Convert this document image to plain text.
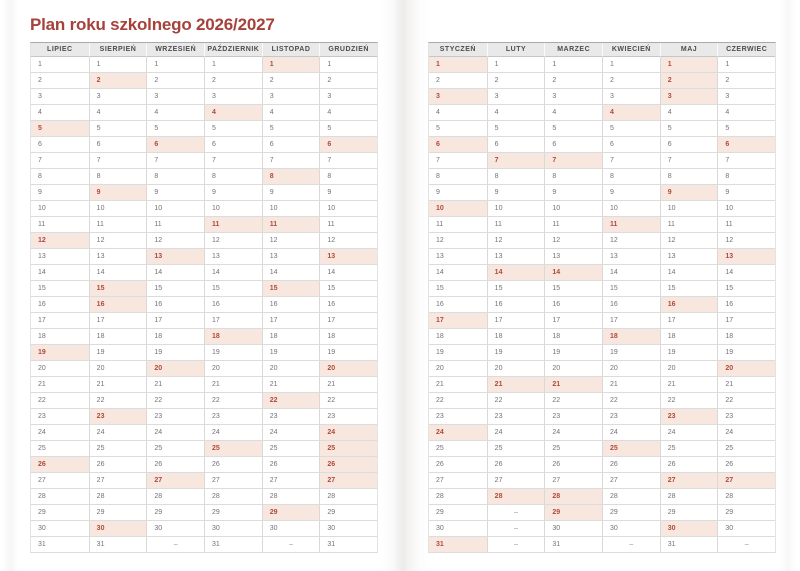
Plan roku szkolnego 2026/2027
LIPIEC
1
2
3
4
5
6
7
8
9
10
11
12
13
14
15
16
17
18
19
20
21
22
23
24
25
26
27
28
29
30
31
SIERPIEŃ
1
2
3
4
5
6
7
8
9
10
11
12
13
14
15
16
17
18
19
20
21
22
23
24
25
26
27
28
29
30
31
WRZESIEŃ
1
2
3
4
5
6
7
8
9
10
11
12
13
14
15
16
17
18
19
20
21
22
23
24
25
26
27
28
29
30
–
PAŹDZIERNIK
1
2
3
4
5
6
7
8
9
10
11
12
13
14
15
16
17
18
19
20
21
22
23
24
25
26
27
28
29
30
31
LISTOPAD
1
2
3
4
5
6
7
8
9
10
11
12
13
14
15
16
17
18
19
20
21
22
23
24
25
26
27
28
29
30
–
GRUDZIEŃ
1
2
3
4
5
6
7
8
9
10
11
12
13
14
15
16
17
18
19
20
21
22
23
24
25
26
27
28
29
30
31
STYCZEŃ
1
2
3
4
5
6
7
8
9
10
11
12
13
14
15
16
17
18
19
20
21
22
23
24
25
26
27
28
29
30
31
LUTY
1
2
3
4
5
6
7
8
9
10
11
12
13
14
15
16
17
18
19
20
21
22
23
24
25
26
27
28
–
–
–
MARZEC
1
2
3
4
5
6
7
8
9
10
11
12
13
14
15
16
17
18
19
20
21
22
23
24
25
26
27
28
29
30
31
KWIECIEŃ
1
2
3
4
5
6
7
8
9
10
11
12
13
14
15
16
17
18
19
20
21
22
23
24
25
26
27
28
29
30
–
MAJ
1
2
3
4
5
6
7
8
9
10
11
12
13
14
15
16
17
18
19
20
21
22
23
24
25
26
27
28
29
30
31
CZERWIEC
1
2
3
4
5
6
7
8
9
10
11
12
13
14
15
16
17
18
19
20
21
22
23
24
25
26
27
28
29
30
–
